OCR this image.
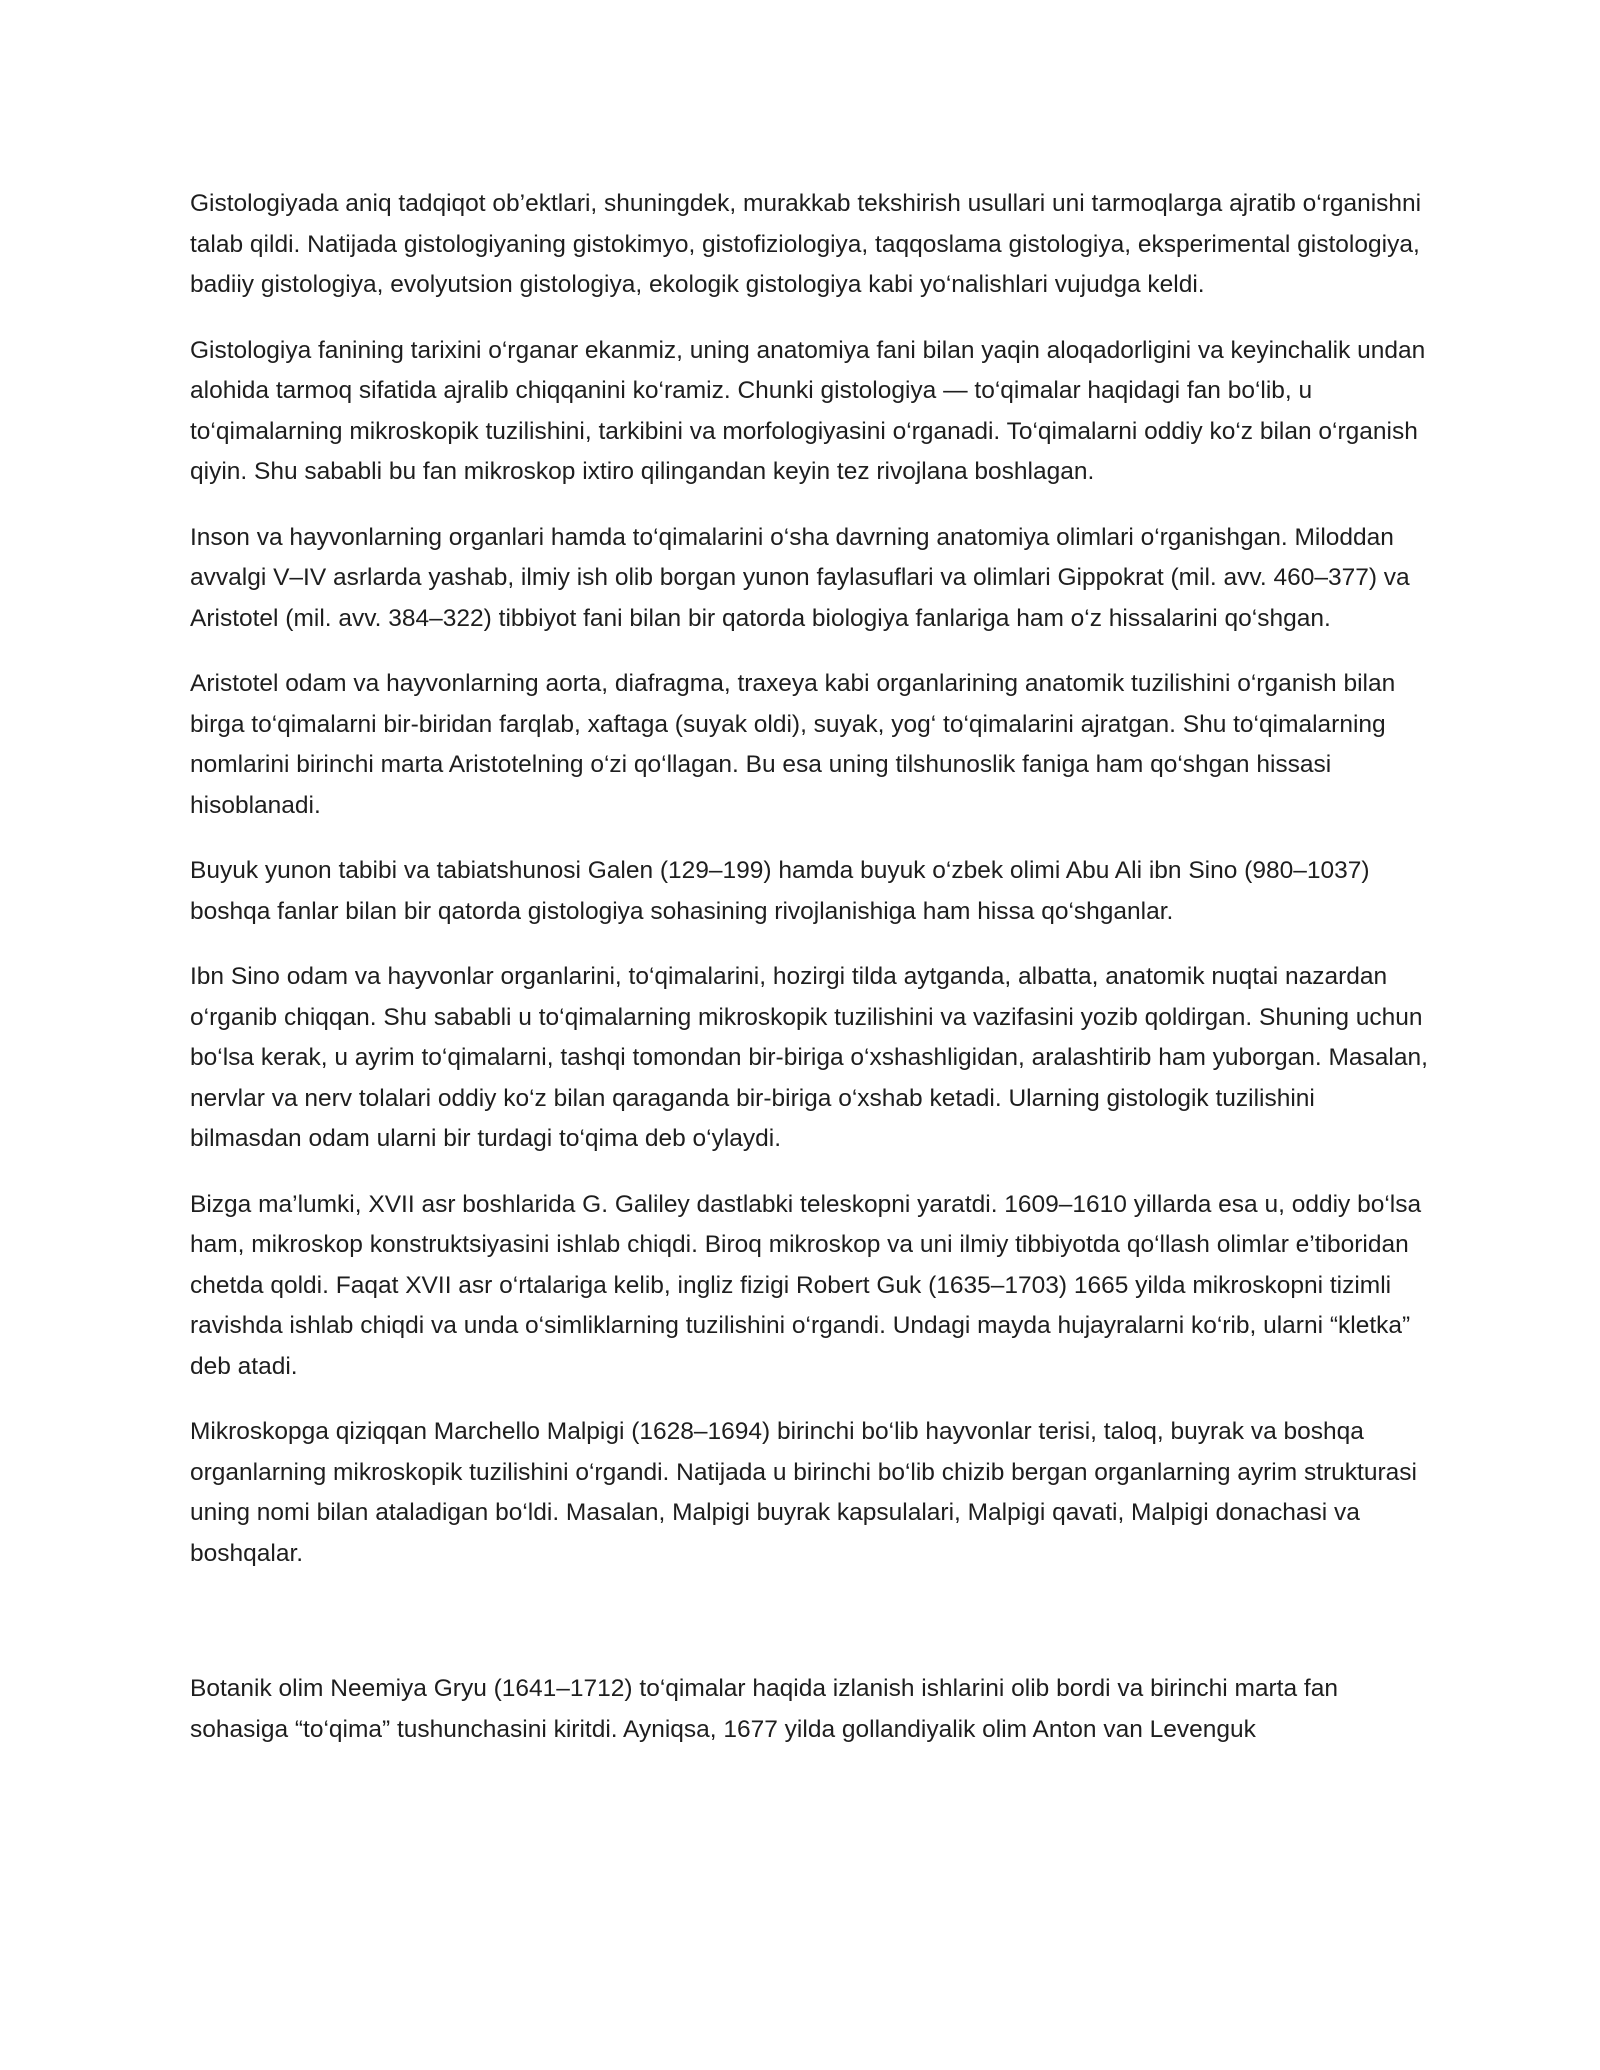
Gistologiyada aniq tadqiqot ob’ektlari, shuningdek, murakkab tekshirish usullari uni tarmoqlarga ajratib o‘rganishni talab qildi. Natijada gistologiyaning gistokimyo, gistofiziologiya, taqqoslama gistologiya, eksperimental gistologiya, badiiy gistologiya, evolyutsion gistologiya, ekologik gistologiya kabi yo‘nalishlari vujudga keldi.

Gistologiya fanining tarixini o‘rganar ekanmiz, uning anatomiya fani bilan yaqin aloqadorligini va keyinchalik undan alohida tarmoq sifatida ajralib chiqqanini ko‘ramiz. Chunki gistologiya — to‘qimalar haqidagi fan bo‘lib, u to‘qimalarning mikroskopik tuzilishini, tarkibini va morfologiyasini o‘rganadi. To‘qimalarni oddiy ko‘z bilan o‘rganish qiyin. Shu sababli bu fan mikroskop ixtiro qilingandan keyin tez rivojlana boshlagan.

Inson va hayvonlarning organlari hamda to‘qimalarini o‘sha davrning anatomiya olimlari o‘rganishgan. Miloddan avvalgi V–IV asrlarda yashab, ilmiy ish olib borgan yunon faylasuflari va olimlari Gippokrat (mil. avv. 460–377) va Aristotel (mil. avv. 384–322) tibbiyot fani bilan bir qatorda biologiya fanlariga ham o‘z hissalarini qo‘shgan.

Aristotel odam va hayvonlarning aorta, diafragma, traxeya kabi organlarining anatomik tuzilishini o‘rganish bilan birga to‘qimalarni bir-biridan farqlab, xaftaga (suyak oldi), suyak, yog‘ to‘qimalarini ajratgan. Shu to‘qimalarning nomlarini birinchi marta Aristotelning o‘zi qo‘llagan. Bu esa uning tilshunoslik faniga ham qo‘shgan hissasi hisoblanadi.

Buyuk yunon tabibi va tabiatshunosi Galen (129–199) hamda buyuk o‘zbek olimi Abu Ali ibn Sino (980–1037) boshqa fanlar bilan bir qatorda gistologiya sohasining rivojlanishiga ham hissa qo‘shganlar.

Ibn Sino odam va hayvonlar organlarini, to‘qimalarini, hozirgi tilda aytganda, albatta, anatomik nuqtai nazardan o‘rganib chiqqan. Shu sababli u to‘qimalarning mikroskopik tuzilishini va vazifasini yozib qoldirgan. Shuning uchun bo‘lsa kerak, u ayrim to‘qimalarni, tashqi tomondan bir-biriga o‘xshashligidan, aralashtirib ham yuborgan. Masalan, nervlar va nerv tolalari oddiy ko‘z bilan qaraganda bir-biriga o‘xshab ketadi. Ularning gistologik tuzilishini bilmasdan odam ularni bir turdagi to‘qima deb o‘ylaydi.

Bizga ma’lumki, XVII asr boshlarida G. Galiley dastlabki teleskopni yaratdi. 1609–1610 yillarda esa u, oddiy bo‘lsa ham, mikroskop konstruktsiyasini ishlab chiqdi. Biroq mikroskop va uni ilmiy tibbiyotda qo‘llash olimlar e’tiboridan chetda qoldi. Faqat XVII asr o‘rtalariga kelib, ingliz fizigi Robert Guk (1635–1703) 1665 yilda mikroskopni tizimli ravishda ishlab chiqdi va unda o‘simliklarning tuzilishini o‘rgandi. Undagi mayda hujayralarni ko‘rib, ularni “kletka” deb atadi.

Mikroskopga qiziqqan Marchello Malpigi (1628–1694) birinchi bo‘lib hayvonlar terisi, taloq, buyrak va boshqa organlarning mikroskopik tuzilishini o‘rgandi. Natijada u birinchi bo‘lib chizib bergan organlarning ayrim strukturasi uning nomi bilan ataladigan bo‘ldi. Masalan, Malpigi buyrak kapsulalari, Malpigi qavati, Malpigi donachasi va boshqalar.

Botanik olim Neemiya Gryu (1641–1712) to‘qimalar haqida izlanish ishlarini olib bordi va birinchi marta fan sohasiga “to‘qima” tushunchasini kiritdi. Ayniqsa, 1677 yilda gollandiyalik olim Anton van Levenguk
